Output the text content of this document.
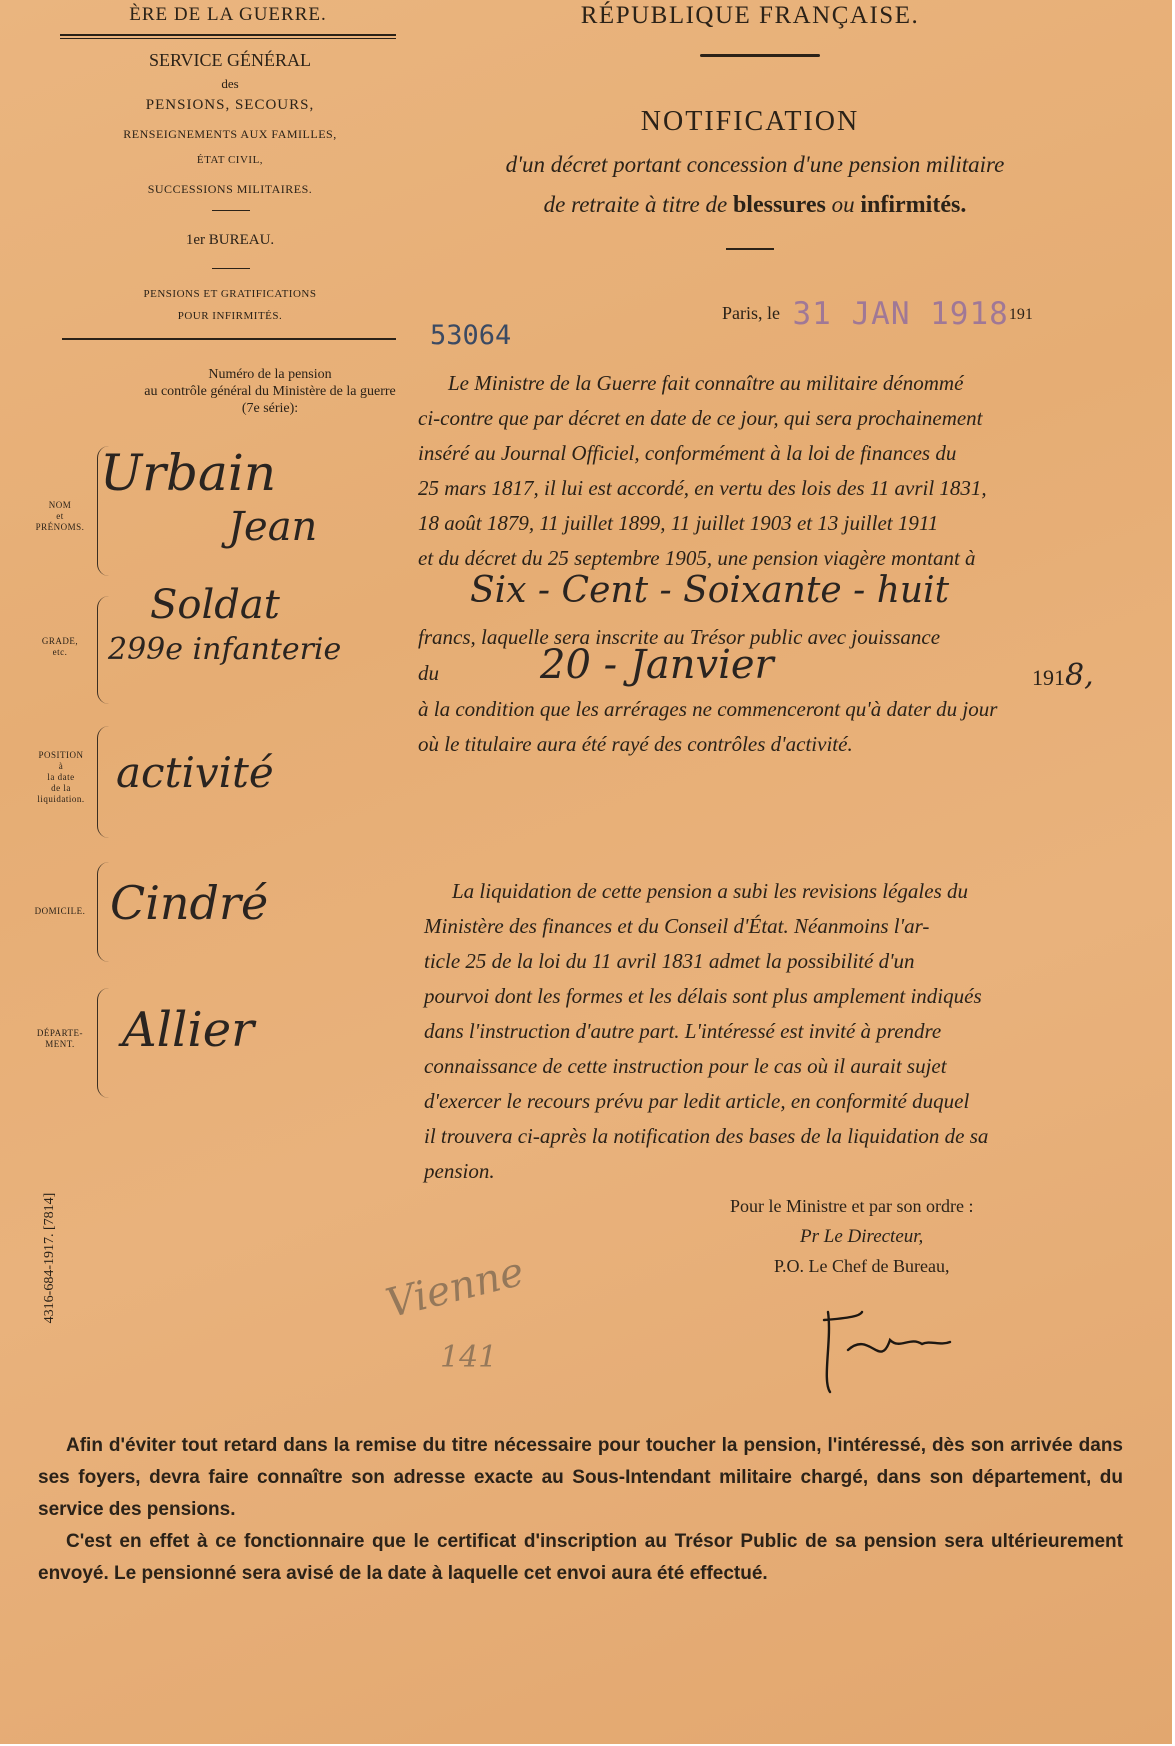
ÈRE DE LA GUERRE.
SERVICE GÉNÉRAL
des
PENSIONS, SECOURS,
RENSEIGNEMENTS AUX FAMILLES,
ÉTAT CIVIL,
SUCCESSIONS MILITAIRES.
1er BUREAU.
PENSIONS ET GRATIFICATIONS
POUR INFIRMITÉS.
RÉPUBLIQUE FRANÇAISE.
NOTIFICATION
d'un décret portant concession d'une pension militaire
de retraite à titre de blessures ou infirmités.
Paris, le 31 JAN 1918191
Numéro de la pension
au contrôle général du Ministère de la guerre
(7e série):
53064
NOM
et
PRÉNOMS.
Urbain
Jean
GRADE,
etc.
Soldat
299e infanterie
POSITION
à
la date
de la
liquidation.
activité
DOMICILE. Cindré
DÉPARTE-
MENT. Allier
Le Ministre de la Guerre fait connaître au militaire dénommé
ci-contre que par décret en date de ce jour, qui sera prochainement
inséré au Journal Officiel, conformément à la loi de finances du
25 mars 1817, il lui est accordé, en vertu des lois des 11 avril 1831,
18 août 1879, 11 juillet 1899, 11 juillet 1903 et 13 juillet 1911
et du décret du 25 septembre 1905, une pension viagère montant à
Six - Cent - Soixante - huit
francs, laquelle sera inscrite au Trésor public avec jouissance
du	20 - Janvier	1918,
à la condition que les arrérages ne commenceront qu'à dater du jour
où le titulaire aura été rayé des contrôles d'activité.
La liquidation de cette pension a subi les revisions légales du
Ministère des finances et du Conseil d'État. Néanmoins l'ar-
ticle 25 de la loi du 11 avril 1831 admet la possibilité d'un
pourvoi dont les formes et les délais sont plus amplement indiqués
dans l'instruction d'autre part. L'intéressé est invité à prendre
connaissance de cette instruction pour le cas où il aurait sujet
d'exercer le recours prévu par ledit article, en conformité duquel
il trouvera ci-après la notification des bases de la liquidation de sa
pension.
Pour le Ministre et par son ordre :
Pr Le Directeur,
P.O. Le Chef de Bureau,
Vienne
141
4316-684-1917. [7814]

Afin d'éviter tout retard dans la remise du titre nécessaire pour toucher la pension, l'intéressé, dès son arrivée dans ses foyers, devra faire connaître son adresse exacte au Sous-Intendant militaire chargé, dans son département, du service des pensions.

C'est en effet à ce fonctionnaire que le certificat d'inscription au Trésor Public de sa pension sera ultérieurement envoyé. Le pensionné sera avisé de la date à laquelle cet envoi aura été effectué.
